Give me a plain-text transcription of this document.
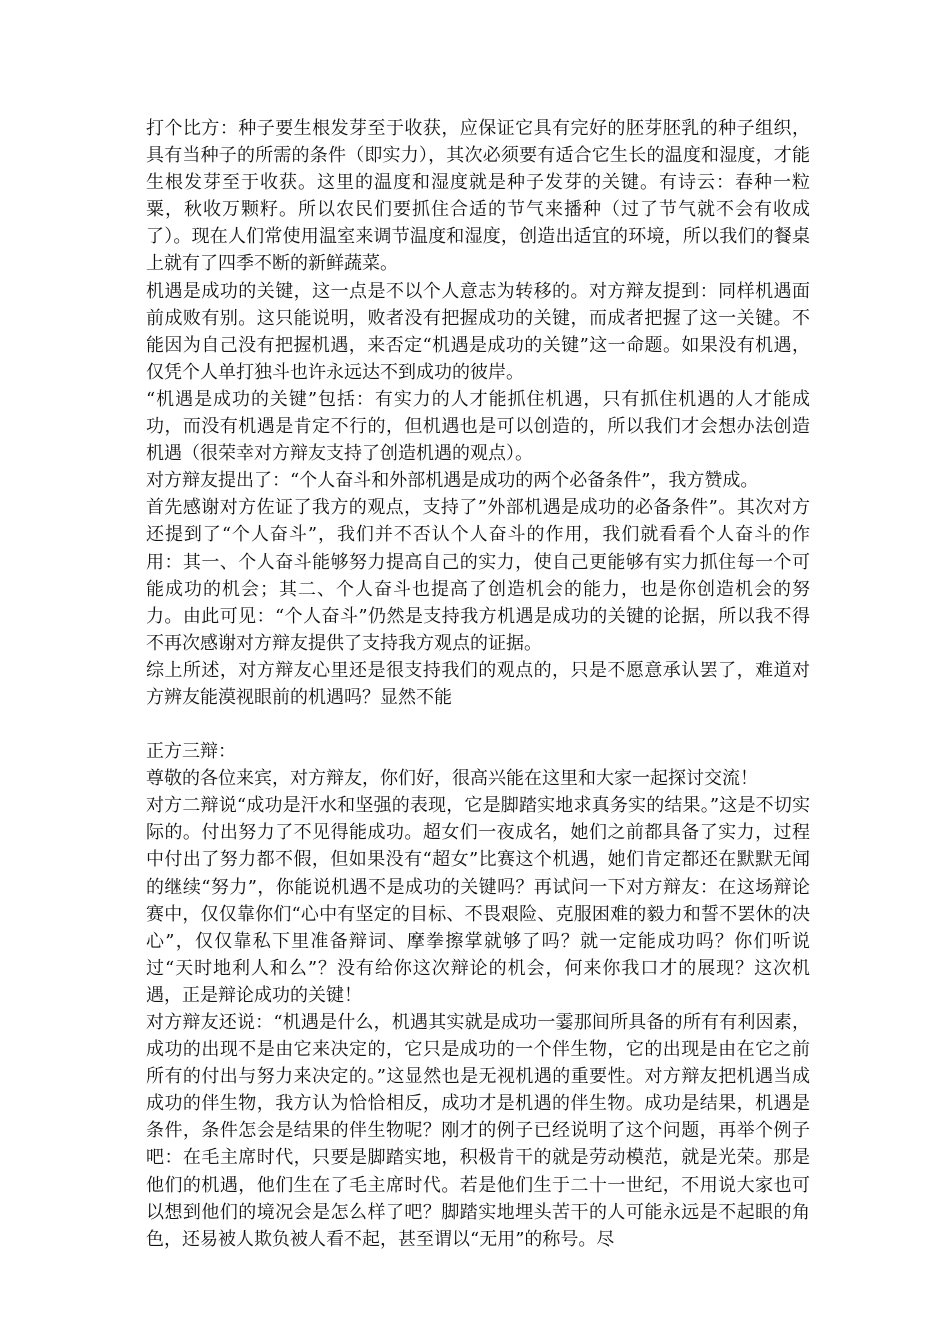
打个比方：种子要生根发芽至于收获，应保证它具有完好的胚芽胚乳的种子组织，具有当种子的所需的条件（即实力），其次必须要有适合它生长的温度和湿度，才能生根发芽至于收获。这里的温度和湿度就是种子发芽的关键。有诗云：春种一粒粟，秋收万颗籽。所以农民们要抓住合适的节气来播种（过了节气就不会有收成了）。现在人们常使用温室来调节温度和湿度，创造出适宜的环境，所以我们的餐桌上就有了四季不断的新鲜蔬菜。

机遇是成功的关键，这一点是不以个人意志为转移的。对方辩友提到：同样机遇面前成败有别。这只能说明，败者没有把握成功的关键，而成者把握了这一关键。不能因为自己没有把握机遇，来否定“机遇是成功的关键”这一命题。如果没有机遇，仅凭个人单打独斗也许永远达不到成功的彼岸。

“机遇是成功的关键”包括：有实力的人才能抓住机遇，只有抓住机遇的人才能成功，而没有机遇是肯定不行的，但机遇也是可以创造的，所以我们才会想办法创造机遇（很荣幸对方辩友支持了创造机遇的观点）。

对方辩友提出了：“个人奋斗和外部机遇是成功的两个必备条件”，我方赞成。

首先感谢对方佐证了我方的观点，支持了”外部机遇是成功的必备条件”。其次对方还提到了“个人奋斗”，我们并不否认个人奋斗的作用，我们就看看个人奋斗的作用：其一、个人奋斗能够努力提高自己的实力，使自己更能够有实力抓住每一个可能成功的机会；其二、个人奋斗也提高了创造机会的能力，也是你创造机会的努力。由此可见：“个人奋斗”仍然是支持我方机遇是成功的关键的论据，所以我不得不再次感谢对方辩友提供了支持我方观点的证据。

综上所述，对方辩友心里还是很支持我们的观点的，只是不愿意承认罢了，难道对方辨友能漠视眼前的机遇吗？显然不能

正方三辩：

尊敬的各位来宾，对方辩友，你们好，很高兴能在这里和大家一起探讨交流！

对方二辩说“成功是汗水和坚强的表现，它是脚踏实地求真务实的结果。”这是不切实际的。付出努力了不见得能成功。超女们一夜成名，她们之前都具备了实力，过程中付出了努力都不假，但如果没有“超女”比赛这个机遇，她们肯定都还在默默无闻的继续“努力”，你能说机遇不是成功的关键吗？再试问一下对方辩友：在这场辩论赛中，仅仅靠你们“心中有坚定的目标、不畏艰险、克服困难的毅力和誓不罢休的决心”，仅仅靠私下里准备辩词、摩拳擦掌就够了吗？就一定能成功吗？你们听说过“天时地利人和么”？没有给你这次辩论的机会，何来你我口才的展现？这次机遇，正是辩论成功的关键！

对方辩友还说：“机遇是什么，机遇其实就是成功一霎那间所具备的所有有利因素，成功的出现不是由它来决定的，它只是成功的一个伴生物，它的出现是由在它之前所有的付出与努力来决定的。”这显然也是无视机遇的重要性。对方辩友把机遇当成成功的伴生物，我方认为恰恰相反，成功才是机遇的伴生物。成功是结果，机遇是条件，条件怎会是结果的伴生物呢？刚才的例子已经说明了这个问题，再举个例子吧：在毛主席时代，只要是脚踏实地，积极肯干的就是劳动模范，就是光荣。那是他们的机遇，他们生在了毛主席时代。若是他们生于二十一世纪，不用说大家也可以想到他们的境况会是怎么样了吧？脚踏实地埋头苦干的人可能永远是不起眼的角色，还易被人欺负被人看不起，甚至谓以“无用”的称号。尽
